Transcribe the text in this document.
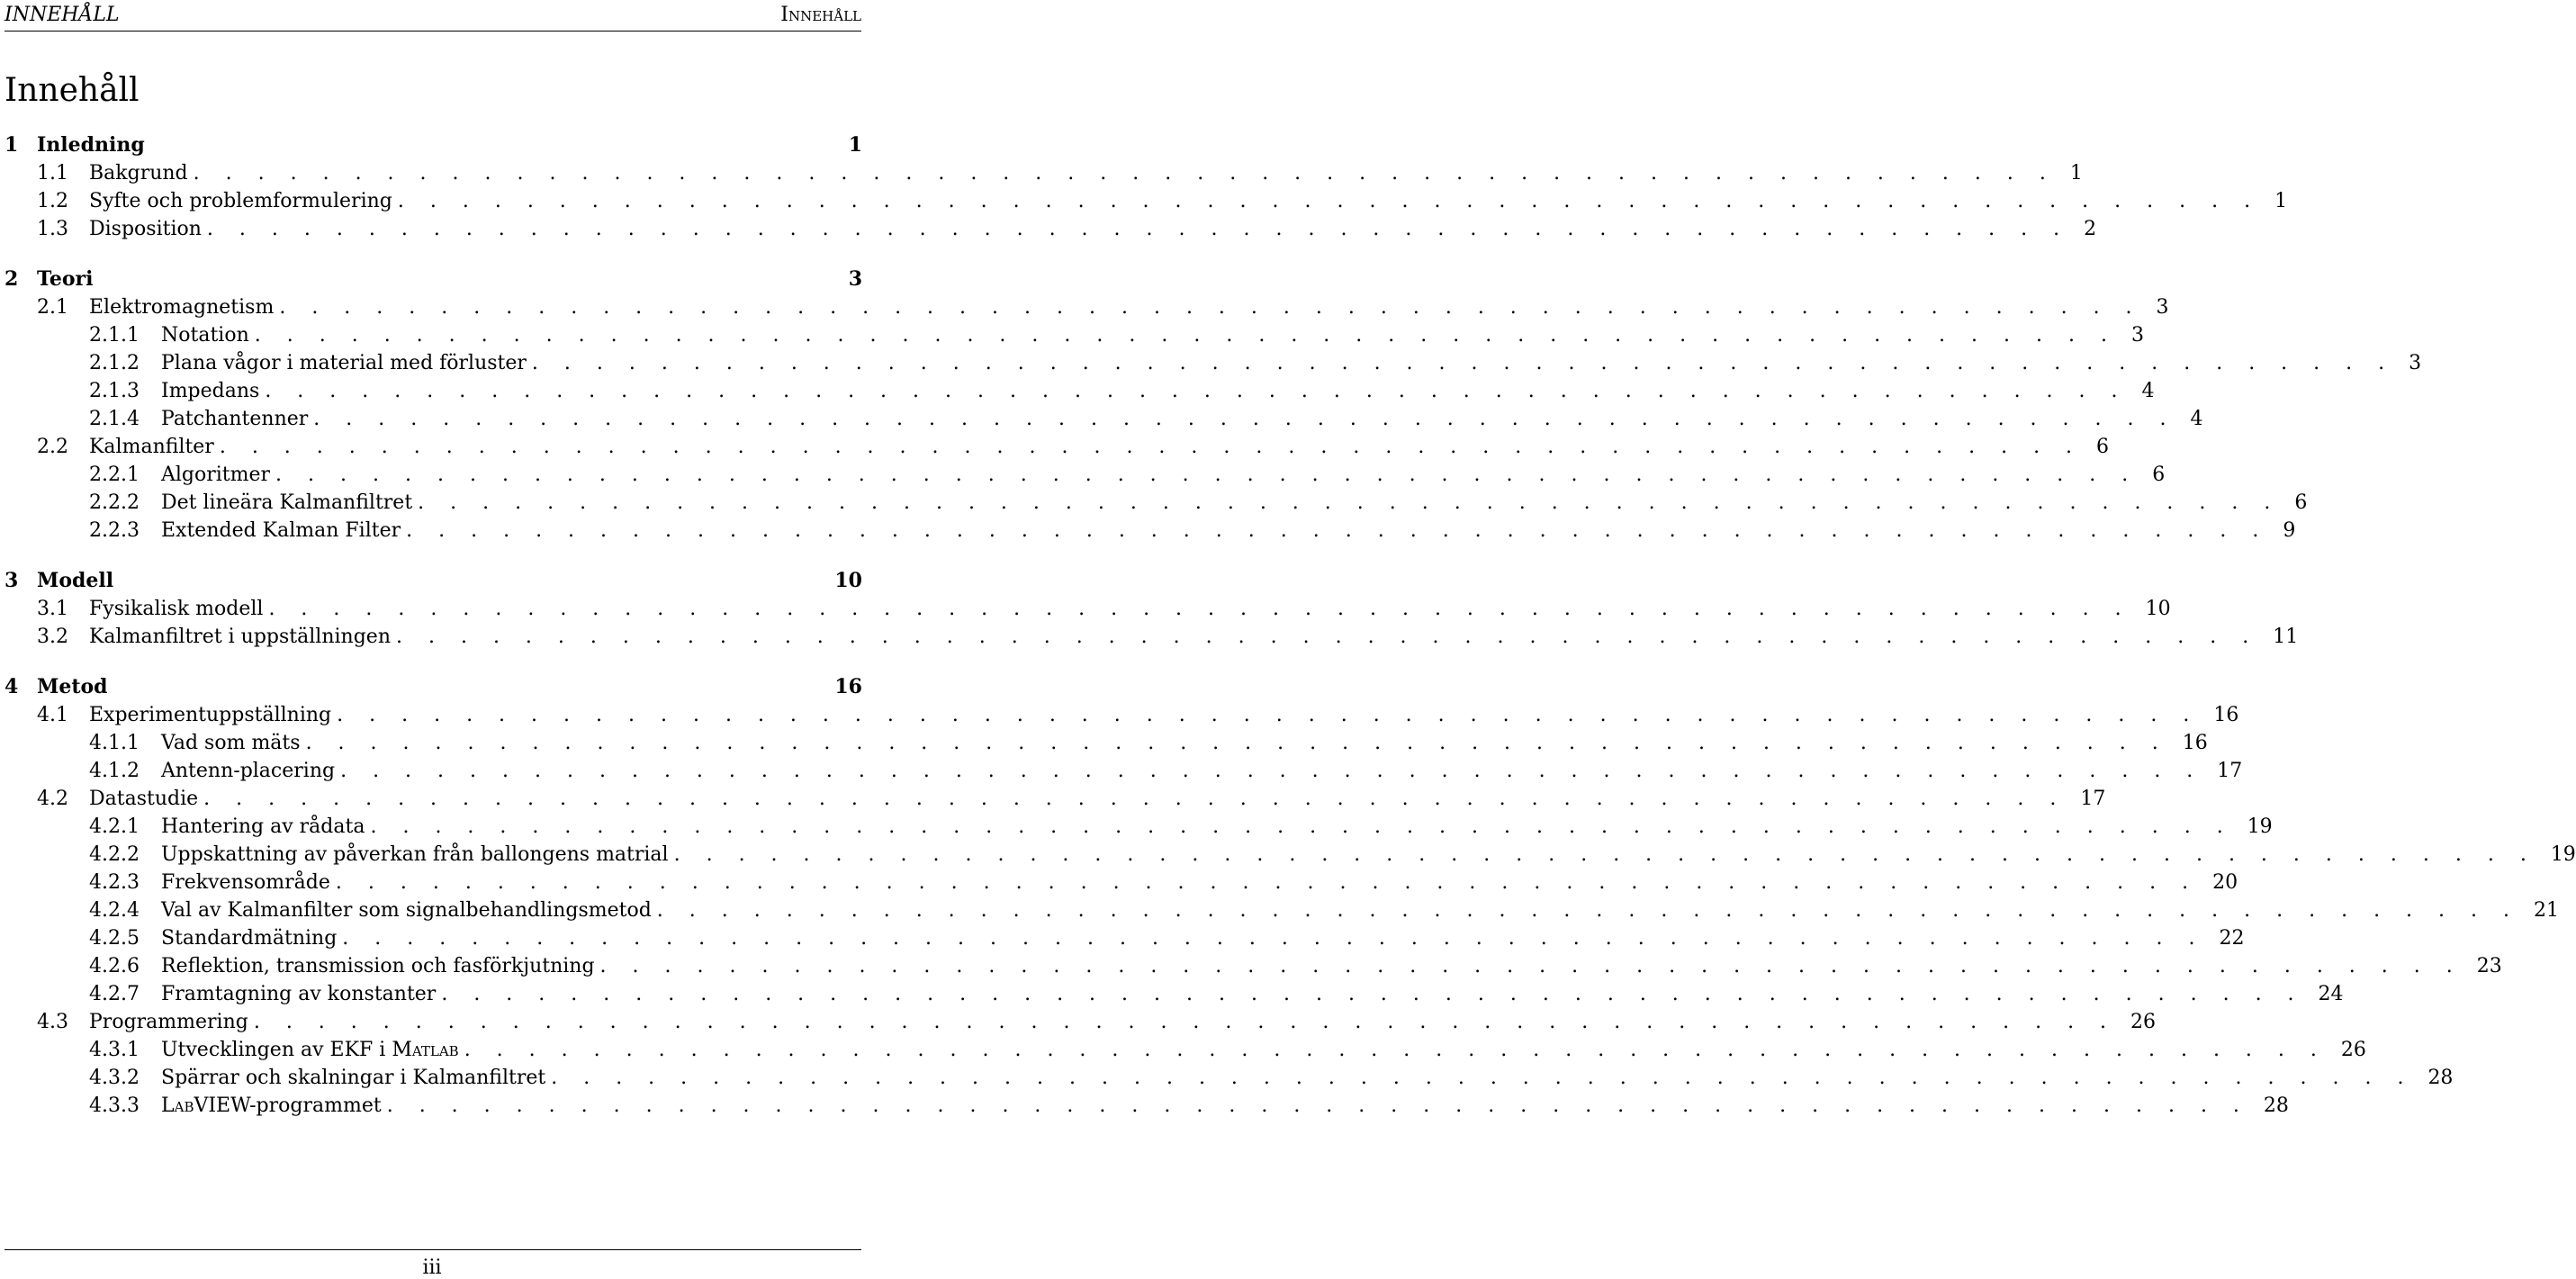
INNEHÅLL	Innehåll
Innehåll
1 Inledning	1
1.1	Bakgrund . . . . . . . . . . . . . . . . . . . . . . . . . . . . . . . . . . . . . . . . . . . . . . . . . . . . . . . . . . 1
1.2	Syfte och problemformulering . . . . . . . . . . . . . . . . . . . . . . . . . . . . . . . . . . . . . . . . . . . . . . . . . . . . . . . . . . 1
1.3	Disposition . . . . . . . . . . . . . . . . . . . . . . . . . . . . . . . . . . . . . . . . . . . . . . . . . . . . . . . . . . 2
2 Teori	3
2.1	Elektromagnetism . . . . . . . . . . . . . . . . . . . . . . . . . . . . . . . . . . . . . . . . . . . . . . . . . . . . . . . . . . 3
2.1.1	Notation . . . . . . . . . . . . . . . . . . . . . . . . . . . . . . . . . . . . . . . . . . . . . . . . . . . . . . . . . . 3
2.1.2	Plana vågor i material med förluster . . . . . . . . . . . . . . . . . . . . . . . . . . . . . . . . . . . . . . . . . . . . . . . . . . . . . . . . . . 3
2.1.3	Impedans . . . . . . . . . . . . . . . . . . . . . . . . . . . . . . . . . . . . . . . . . . . . . . . . . . . . . . . . . . 4
2.1.4	Patchantenner . . . . . . . . . . . . . . . . . . . . . . . . . . . . . . . . . . . . . . . . . . . . . . . . . . . . . . . . . . 4
2.2	Kalmanfilter . . . . . . . . . . . . . . . . . . . . . . . . . . . . . . . . . . . . . . . . . . . . . . . . . . . . . . . . . . 6
2.2.1	Algoritmer . . . . . . . . . . . . . . . . . . . . . . . . . . . . . . . . . . . . . . . . . . . . . . . . . . . . . . . . . . 6
2.2.2	Det lineära Kalmanfiltret . . . . . . . . . . . . . . . . . . . . . . . . . . . . . . . . . . . . . . . . . . . . . . . . . . . . . . . . . . 6
2.2.3	Extended Kalman Filter . . . . . . . . . . . . . . . . . . . . . . . . . . . . . . . . . . . . . . . . . . . . . . . . . . . . . . . . . . 9
3 Modell	10
3.1	Fysikalisk modell . . . . . . . . . . . . . . . . . . . . . . . . . . . . . . . . . . . . . . . . . . . . . . . . . . . . . . . . . . 10
3.2	Kalmanfiltret i uppställningen . . . . . . . . . . . . . . . . . . . . . . . . . . . . . . . . . . . . . . . . . . . . . . . . . . . . . . . . . . 11
4 Metod	16
4.1	Experimentuppställning . . . . . . . . . . . . . . . . . . . . . . . . . . . . . . . . . . . . . . . . . . . . . . . . . . . . . . . . . . 16
4.1.1	Vad som mäts . . . . . . . . . . . . . . . . . . . . . . . . . . . . . . . . . . . . . . . . . . . . . . . . . . . . . . . . . . 16
4.1.2	Antenn-placering . . . . . . . . . . . . . . . . . . . . . . . . . . . . . . . . . . . . . . . . . . . . . . . . . . . . . . . . . . 17
4.2	Datastudie . . . . . . . . . . . . . . . . . . . . . . . . . . . . . . . . . . . . . . . . . . . . . . . . . . . . . . . . . . 17
4.2.1	Hantering av rådata . . . . . . . . . . . . . . . . . . . . . . . . . . . . . . . . . . . . . . . . . . . . . . . . . . . . . . . . . . 19
4.2.2	Uppskattning av påverkan från ballongens matrial . . . . . . . . . . . . . . . . . . . . . . . . . . . . . . . . . . . . . . . . . . . . . . . . . . . . . . . . . . 19
4.2.3	Frekvensområde . . . . . . . . . . . . . . . . . . . . . . . . . . . . . . . . . . . . . . . . . . . . . . . . . . . . . . . . . . 20
4.2.4	Val av Kalmanfilter som signalbehandlingsmetod . . . . . . . . . . . . . . . . . . . . . . . . . . . . . . . . . . . . . . . . . . . . . . . . . . . . . . . . . . 21
4.2.5	Standardmätning . . . . . . . . . . . . . . . . . . . . . . . . . . . . . . . . . . . . . . . . . . . . . . . . . . . . . . . . . . 22
4.2.6	Reflektion, transmission och fasförkjutning . . . . . . . . . . . . . . . . . . . . . . . . . . . . . . . . . . . . . . . . . . . . . . . . . . . . . . . . . . 23
4.2.7	Framtagning av konstanter . . . . . . . . . . . . . . . . . . . . . . . . . . . . . . . . . . . . . . . . . . . . . . . . . . . . . . . . . . 24
4.3	Programmering . . . . . . . . . . . . . . . . . . . . . . . . . . . . . . . . . . . . . . . . . . . . . . . . . . . . . . . . . . 26
4.3.1	Utvecklingen av EKF i Matlab . . . . . . . . . . . . . . . . . . . . . . . . . . . . . . . . . . . . . . . . . . . . . . . . . . . . . . . . . . 26
4.3.2	Spärrar och skalningar i Kalmanfiltret . . . . . . . . . . . . . . . . . . . . . . . . . . . . . . . . . . . . . . . . . . . . . . . . . . . . . . . . . . 28
4.3.3	LabVIEW-programmet . . . . . . . . . . . . . . . . . . . . . . . . . . . . . . . . . . . . . . . . . . . . . . . . . . . . . . . . . . 28
iii
